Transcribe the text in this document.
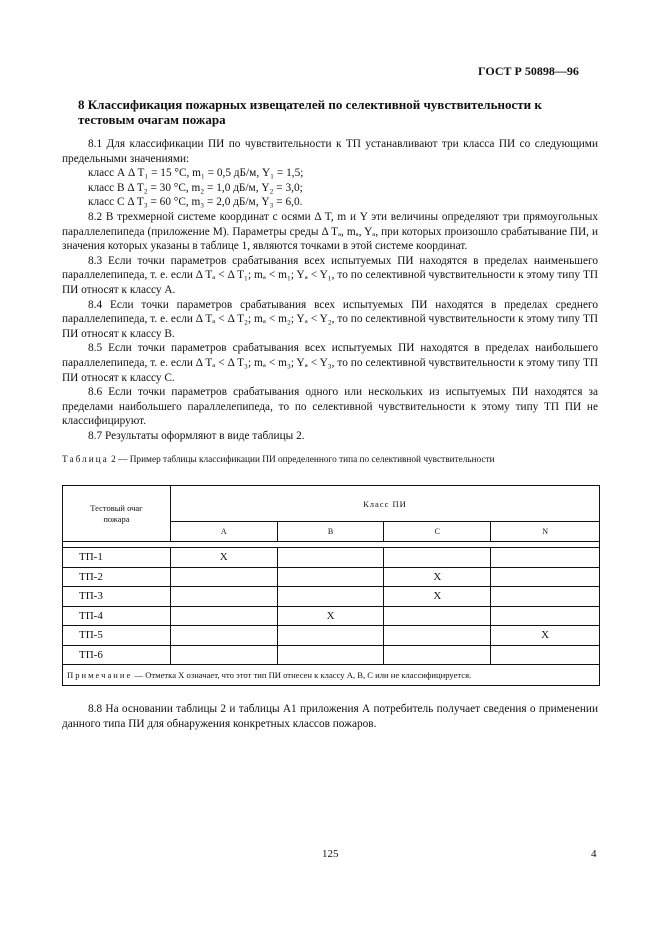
ГОСТ Р 50898—96
8 Классификация пожарных извещателей по селективной чувствительности к тестовым очагам пожара

8.1 Для классификации ПИ по чувствительности к ТП устанавливают три класса ПИ со следующими предельными значениями:

класс А Δ T₁ = 15 °С, m₁ = 0,5 дБ/м, Y₁ = 1,5;

класс В Δ T₂ = 30 °С, m₂ = 1,0 дБ/м, Y₂ = 3,0;

класс С Δ T₃ = 60 °С, m₃ = 2,0 дБ/м, Y₃ = 6,0.

8.2 В трехмерной системе координат с осями Δ T, m и Y эти величины определяют три прямоугольных параллелепипеда (приложение М). Параметры среды Δ Tₐ, mₐ, Yₐ, при которых произошло срабатывание ПИ, и значения которых указаны в таблице 1, являются точками в этой системе координат.

8.3 Если точки параметров срабатывания всех испытуемых ПИ находятся в пределах наименьшего параллелепипеда, т. е. если Δ Tₐ < Δ T₁; mₐ < m₁; Yₐ < Y₁, то по селективной чувствительности к этому типу ТП ПИ относят к классу А.

8.4 Если точки параметров срабатывания всех испытуемых ПИ находятся в пределах среднего параллелепипеда, т. е. если Δ Tₐ < Δ T₂; mₐ < m₂; Yₐ < Y₂, то по селективной чувствительности к этому типу ТП ПИ относят к классу В.

8.5 Если точки параметров срабатывания всех испытуемых ПИ находятся в пределах наибольшего параллелепипеда, т. е. если Δ Tₐ < Δ T₃; mₐ < m₃; Yₐ < Y₃, то по селективной чувствительности к этому типу ТП ПИ относят к классу С.

8.6 Если точки параметров срабатывания одного или нескольких из испытуемых ПИ находятся за пределами наибольшего параллелепипеда, то по селективной чувствительности к этому типу ТП ПИ не классифицируют.

8.7 Результаты оформляют в виде таблицы 2.

Таблица 2 — Пример таблицы классификации ПИ определенного типа по селективной чувствительности
Тестовый очаг пожара	Класс ПИ			
	А	В	С	N

ТП-1	X			
ТП-2			X	
ТП-3			X	
ТП-4		X		
ТП-5				X
ТП-6				
Примечание — Отметка X означает, что этот тип ПИ отнесен к классу А, В, С или не классифицируется.				

8.8 На основании таблицы 2 и таблицы А1 приложения А потребитель получает сведения о применении данного типа ПИ для обнаружения конкретных классов пожаров.

125	4
